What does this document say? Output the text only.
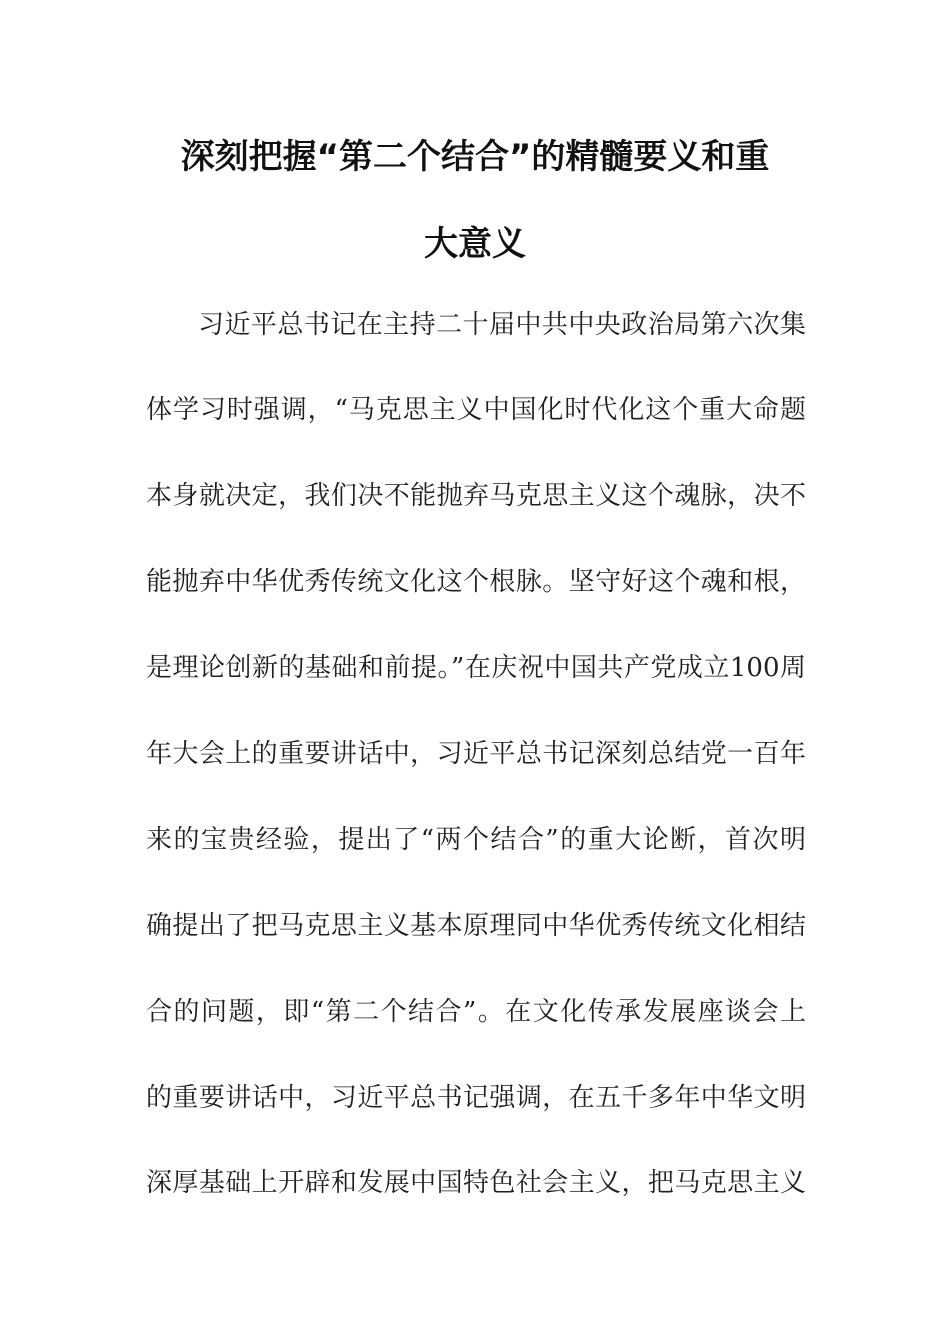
深刻把握“第二个结合”的精髓要义和重
大意义
习近平总书记在主持二十届中共中央政治局第六次集
体学习时强调，“马克思主义中国化时代化这个重大命题
本身就决定，我们决不能抛弃马克思主义这个魂脉，决不
能抛弃中华优秀传统文化这个根脉。坚守好这个魂和根，
是理论创新的基础和前提。”在庆祝中国共产党成立100周
年大会上的重要讲话中，习近平总书记深刻总结党一百年
来的宝贵经验，提出了“两个结合”的重大论断，首次明
确提出了把马克思主义基本原理同中华优秀传统文化相结
合的问题，即“第二个结合”。在文化传承发展座谈会上
的重要讲话中，习近平总书记强调，在五千多年中华文明
深厚基础上开辟和发展中国特色社会主义，把马克思主义
